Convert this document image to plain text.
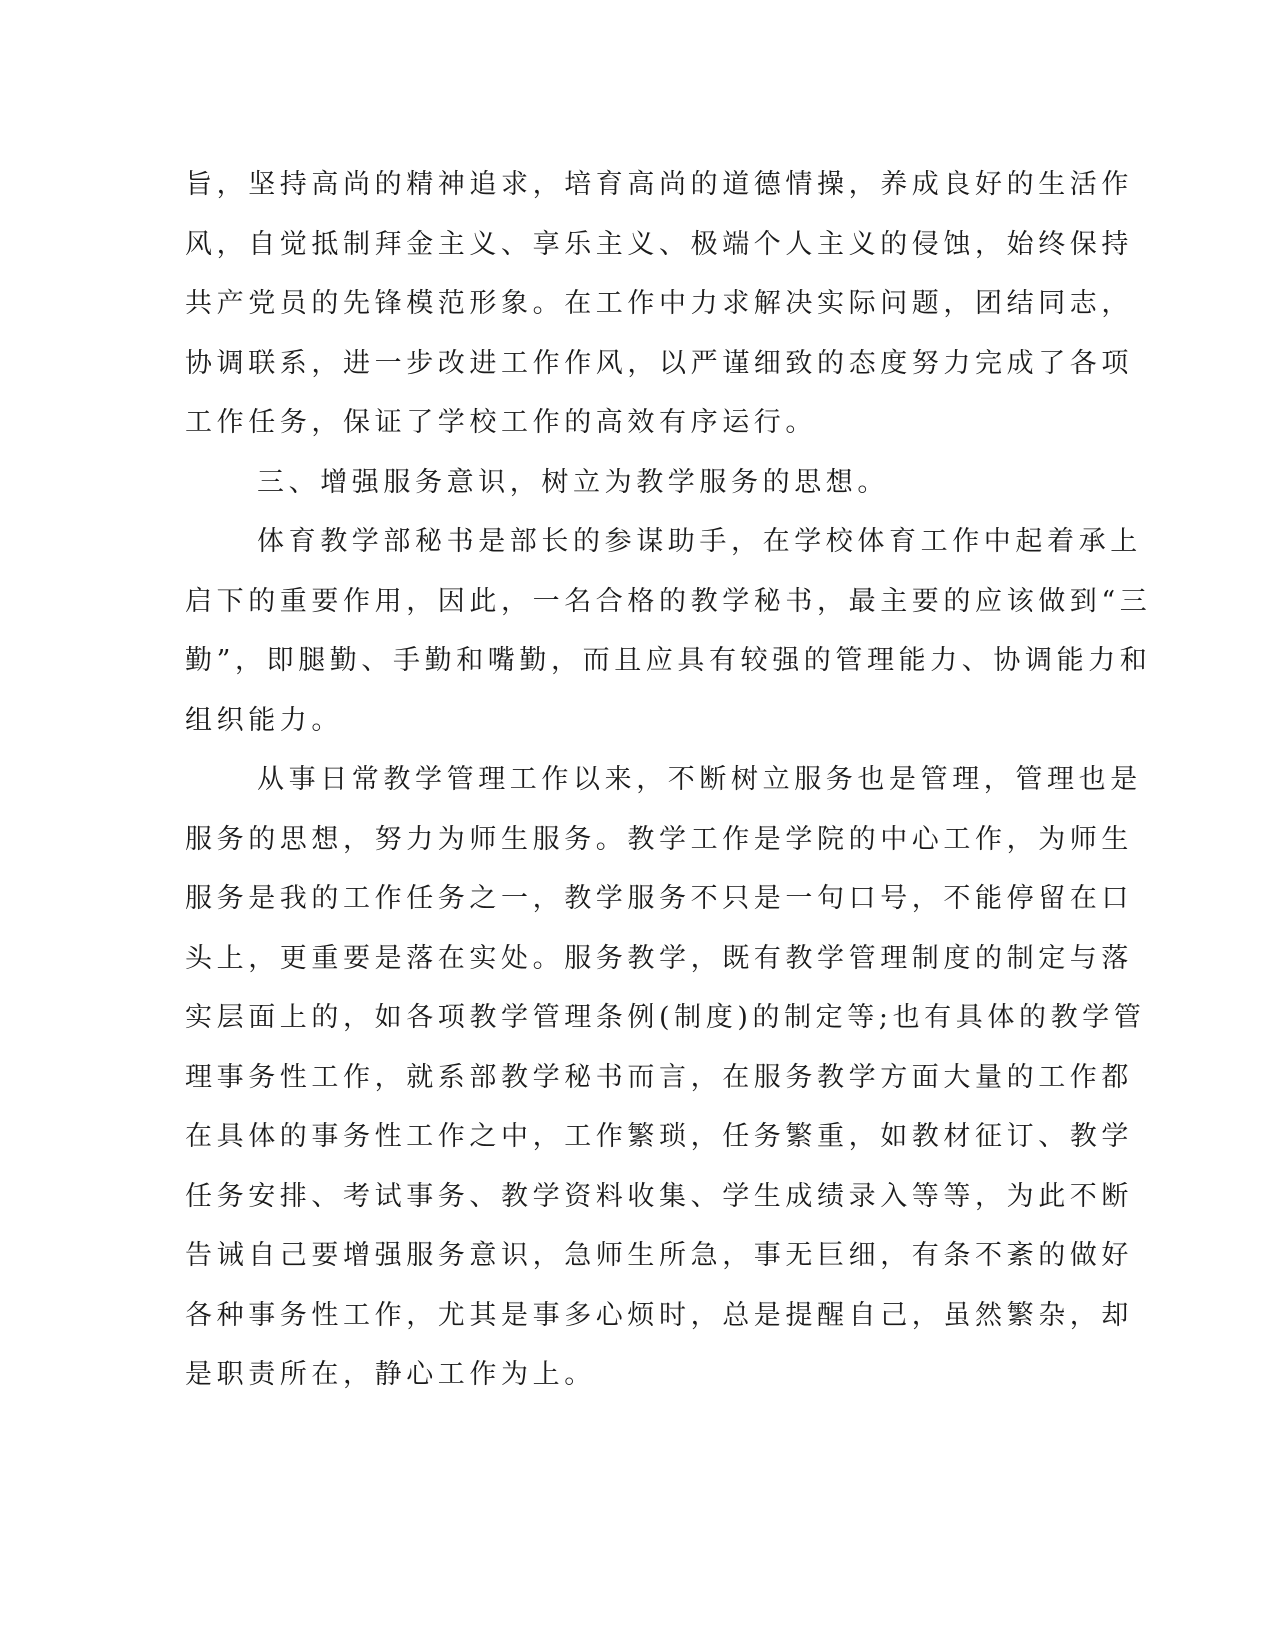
旨，坚持高尚的精神追求，培育高尚的道德情操，养成良好的生活作

风，自觉抵制拜金主义、享乐主义、极端个人主义的侵蚀，始终保持

共产党员的先锋模范形象。在工作中力求解决实际问题，团结同志，

协调联系，进一步改进工作作风，以严谨细致的态度努力完成了各项

工作任务，保证了学校工作的高效有序运行。

三、增强服务意识，树立为教学服务的思想。

体育教学部秘书是部长的参谋助手，在学校体育工作中起着承上

启下的重要作用，因此，一名合格的教学秘书，最主要的应该做到“三

勤”，即腿勤、手勤和嘴勤，而且应具有较强的管理能力、协调能力和

组织能力。

从事日常教学管理工作以来，不断树立服务也是管理，管理也是

服务的思想，努力为师生服务。教学工作是学院的中心工作，为师生

服务是我的工作任务之一，教学服务不只是一句口号，不能停留在口

头上，更重要是落在实处。服务教学，既有教学管理制度的制定与落

实层面上的，如各项教学管理条例(制度)的制定等;也有具体的教学管

理事务性工作，就系部教学秘书而言，在服务教学方面大量的工作都

在具体的事务性工作之中，工作繁琐，任务繁重，如教材征订、教学

任务安排、考试事务、教学资料收集、学生成绩录入等等，为此不断

告诫自己要增强服务意识，急师生所急，事无巨细，有条不紊的做好

各种事务性工作，尤其是事多心烦时，总是提醒自己，虽然繁杂，却

是职责所在，静心工作为上。
